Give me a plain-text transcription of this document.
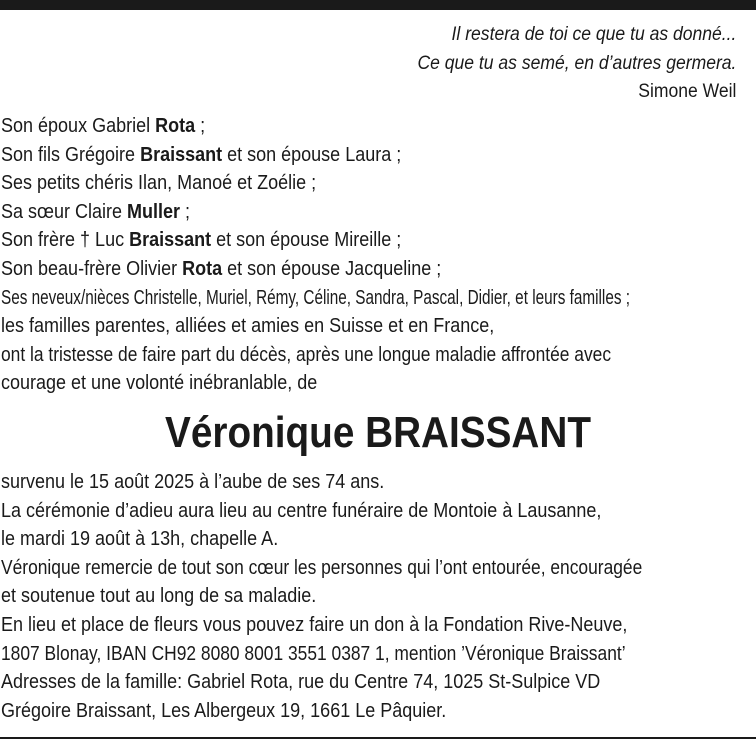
Il restera de toi ce que tu as donné...
Ce que tu as semé, en d’autres germera.
Simone Weil
Son époux Gabriel Rota ;
Son fils Grégoire Braissant et son épouse Laura ;
Ses petits chéris Ilan, Manoé et Zoélie ;
Sa sœur Claire Muller ;
Son frère † Luc Braissant et son épouse Mireille ;
Son beau-frère Olivier Rota et son épouse Jacqueline ;
Ses neveux/nièces Christelle, Muriel, Rémy, Céline, Sandra, Pascal, Didier, et leurs familles ;
les familles parentes, alliées et amies en Suisse et en France,
ont la tristesse de faire part du décès, après une longue maladie affrontée avec
courage et une volonté inébranlable, de
Véronique BRAISSANT
survenu le 15 août 2025 à l’aube de ses 74 ans.
La cérémonie d’adieu aura lieu au centre funéraire de Montoie à Lausanne,
le mardi 19 août à 13h, chapelle A.
Véronique remercie de tout son cœur les personnes qui l’ont entourée, encouragée
et soutenue tout au long de sa maladie.
En lieu et place de fleurs vous pouvez faire un don à la Fondation Rive-Neuve,
1807 Blonay, IBAN CH92 8080 8001 3551 0387 1, mention ’Véronique Braissant’
Adresses de la famille: Gabriel Rota, rue du Centre 74, 1025 St-Sulpice VD
Grégoire Braissant, Les Albergeux 19, 1661 Le Pâquier.
